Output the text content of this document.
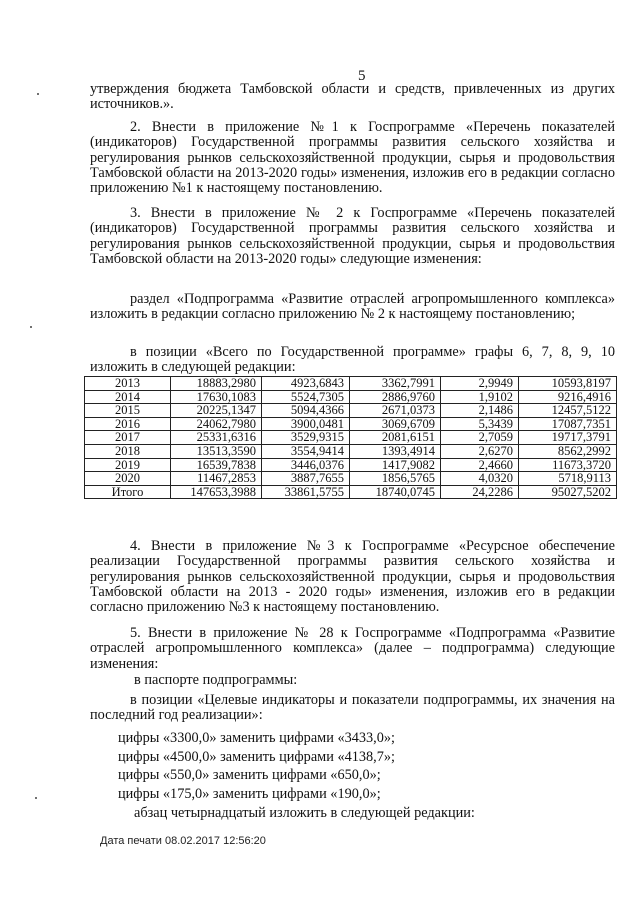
5

утверждения бюджета Тамбовской области и средств, привлеченных из других источников.».

2. Внести в приложение №1 к Госпрограмме «Перечень показателей (индикаторов) Государственной программы развития сельского хозяйства и регулирования рынков сельскохозяйственной продукции, сырья и продовольствия Тамбовской области на 2013-2020 годы» изменения, изложив его в редакции согласно приложению №1 к настоящему постановлению.

3. Внести в приложение № 2 к Госпрограмме «Перечень показателей (индикаторов) Государственной программы развития сельского хозяйства и регулирования рынков сельскохозяйственной продукции, сырья и продовольствия Тамбовской области на 2013-2020 годы» следующие изменения:

раздел «Подпрограмма «Развитие отраслей агропромышленного комплекса» изложить в редакции согласно приложению № 2 к настоящему постановлению;

в позиции «Всего по Государственной программе» графы 6, 7, 8, 9, 10 изложить в следующей редакции:

2013	18883,2980	4923,6843	3362,7991	2,9949	10593,8197
2014	17630,1083	5524,7305	2886,9760	1,9102	9216,4916
2015	20225,1347	5094,4366	2671,0373	2,1486	12457,5122
2016	24062,7980	3900,0481	3069,6709	5,3439	17087,7351
2017	25331,6316	3529,9315	2081,6151	2,7059	19717,3791
2018	13513,3590	3554,9414	1393,4914	2,6270	8562,2992
2019	16539,7838	3446,0376	1417,9082	2,4660	11673,3720
2020	11467,2853	3887,7655	1856,5765	4,0320	5718,9113
Итого	147653,3988	33861,5755	18740,0745	24,2286	95027,5202

4. Внести в приложение №3 к Госпрограмме «Ресурсное обеспечение реализации Государственной программы развития сельского хозяйства и регулирования рынков сельскохозяйственной продукции, сырья и продовольствия Тамбовской области на 2013 - 2020 годы» изменения, изложив его в редакции согласно приложению №3 к настоящему постановлению.

5. Внести в приложение № 28 к Госпрограмме «Подпрограмма «Развитие отраслей агропромышленного комплекса» (далее – подпрограмма) следующие изменения:

в паспорте подпрограммы:

в позиции «Целевые индикаторы и показатели подпрограммы, их значения на последний год реализации»:

цифры «3300,0» заменить цифрами «3433,0»;
цифры «4500,0» заменить цифрами «4138,7»;
цифры «550,0» заменить цифрами «650,0»;
цифры «175,0» заменить цифрами «190,0»;
абзац четырнадцатый изложить в следующей редакции:
Дата печати 08.02.2017 12:56:20
